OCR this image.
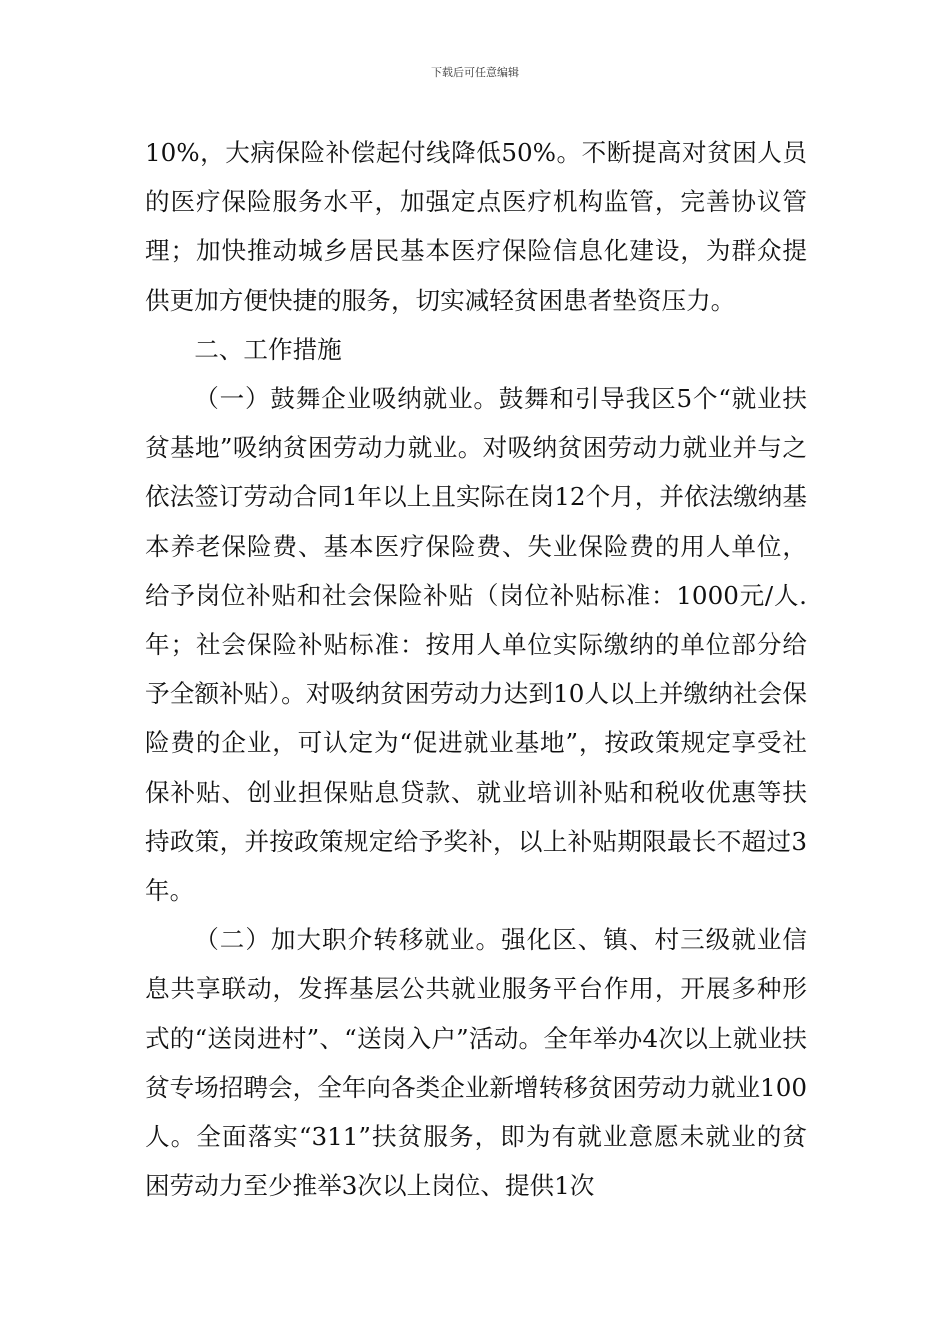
下载后可任意编辑

10%，大病保险补偿起付线降低50%。不断提高对贫困人员的医疗保险服务水平，加强定点医疗机构监管，完善协议管理；加快推动城乡居民基本医疗保险信息化建设，为群众提供更加方便快捷的服务，切实减轻贫困患者垫资压力。

二、工作措施

（一）鼓舞企业吸纳就业。鼓舞和引导我区5个“就业扶贫基地”吸纳贫困劳动力就业。对吸纳贫困劳动力就业并与之依法签订劳动合同1年以上且实际在岗12个月，并依法缴纳基本养老保险费、基本医疗保险费、失业保险费的用人单位，给予岗位补贴和社会保险补贴（岗位补贴标准：1000元/人.年；社会保险补贴标准：按用人单位实际缴纳的单位部分给予全额补贴）。对吸纳贫困劳动力达到10人以上并缴纳社会保险费的企业，可认定为“促进就业基地”，按政策规定享受社保补贴、创业担保贴息贷款、就业培训补贴和税收优惠等扶持政策，并按政策规定给予奖补，以上补贴期限最长不超过3年。

（二）加大职介转移就业。强化区、镇、村三级就业信息共享联动，发挥基层公共就业服务平台作用，开展多种形式的“送岗进村”、“送岗入户”活动。全年举办4次以上就业扶贫专场招聘会，全年向各类企业新增转移贫困劳动力就业100人。全面落实“311”扶贫服务，即为有就业意愿未就业的贫困劳动力至少推举3次以上岗位、提供1次
